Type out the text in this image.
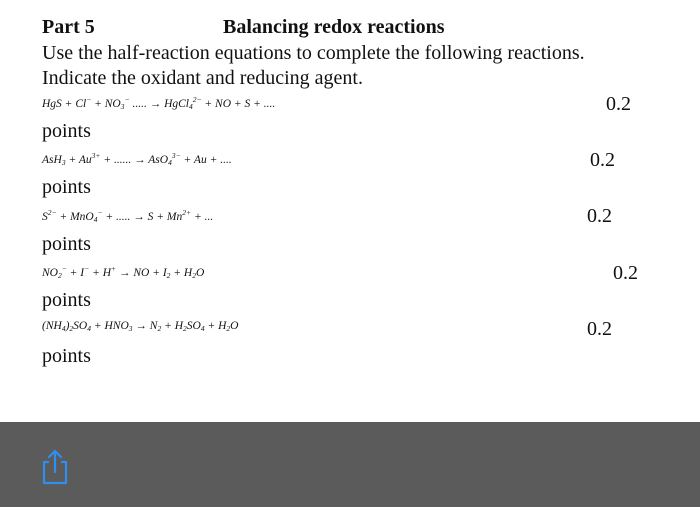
Part 5	Balancing redox reactions
Use the half-reaction equations to complete the following reactions.
Indicate the oxidant and reducing agent.
HgS + $Cl^- + NO_3^-$ ..... → HgCl$_4^{2-}$ + NO + S + ....	0.2
points
$AsH_3 + Au^{3+}$ + ...... → AsO$_4^{3-}$ + Au + ....	0.2
points
$S^{2-} + MnO_4^-$ + ..... → $S + Mn^{2+}$ + ...	0.2
points
$NO_2^- + I^- + H^+$ → NO + $I_2 + H_2O$	0.2
points
$(NH_4)_2SO_4 + HNO_3 \to N_2 + H_2SO_4 + H_2O$	0.2
points
